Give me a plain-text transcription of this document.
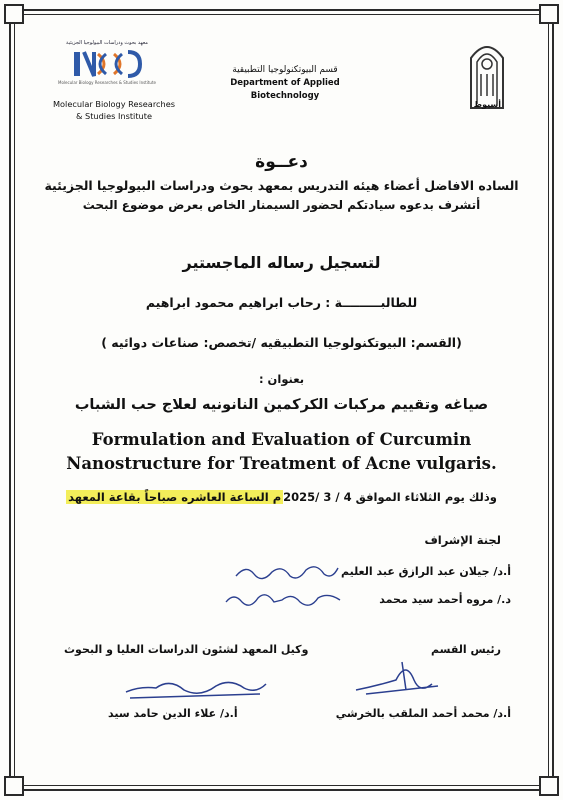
معهد بحوث ودراسات البيولوجيا الجزيئية
Molecular Biology Researches & Studies Institute
Molecular Biology Researches
& Studies Institute
قسم البيوتكنولوجيا التطبيقية
Department of Applied Biotechnology
أسيوط
دعــوة
الساده الافاضل أعضاء هيئه التدريس بمعهد بحوث ودراسات البيولوجيا الجزيئية
أتشرف بدعوه سيادتكم لحضور السيمنار الخاص بعرض موضوع البحث
لتسجيل رساله الماجستير
للطالبـــــــــة : رحاب ابراهيم محمود ابراهيم
(القسم: البيوتكنولوجيا التطبيقيه /تخصص: صناعات دوائيه )
بعنوان :
صياغه وتقييم مركبات الكركمين النانونيه لعلاج حب الشباب
Formulation and Evaluation of Curcumin
Nanostructure for Treatment of Acne vulgaris.
وذلك يوم الثلاثاء الموافق 4 / 3 /2025م الساعة العاشره صباحاً بقاعة المعهد
لجنة الإشراف
أ.د/ جيلان عبد الرازق عبد العليم
د./ مروه أحمد سيد محمد
رئيس القسم
وكيل المعهد لشئون الدراسات العليا و البحوث
أ.د/ محمد أحمد الملقب بالخرشي
أ.د/ علاء الدين حامد سيد
